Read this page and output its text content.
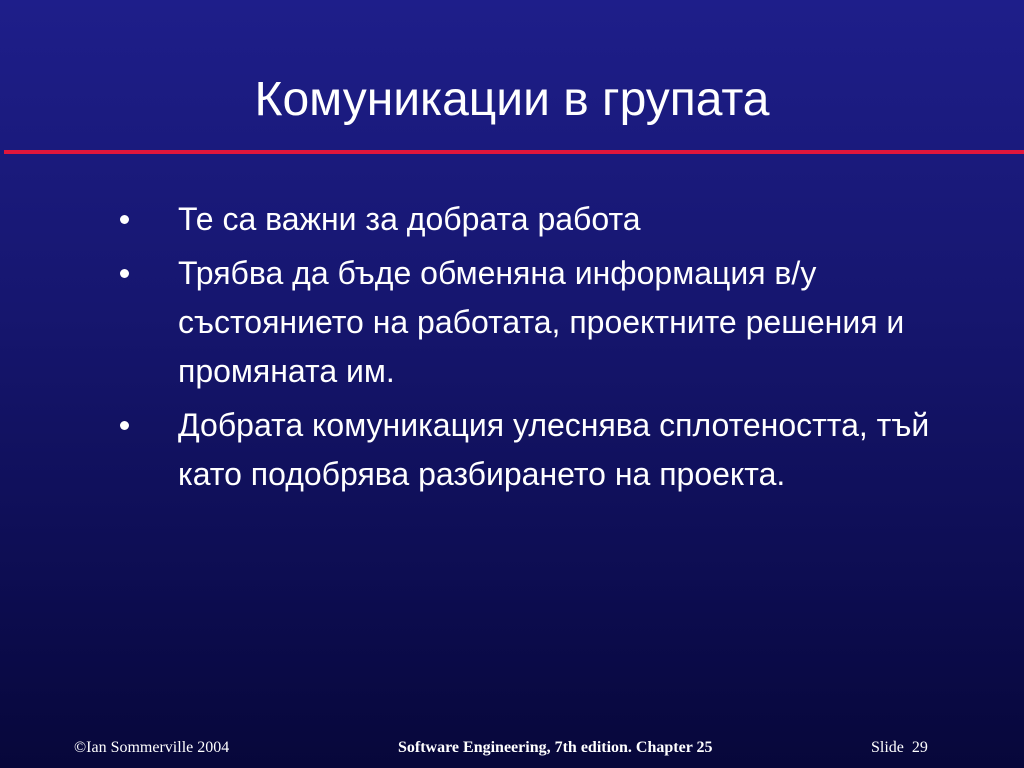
Комуникации в групата
Те са важни за добрата работа
Трябва да бъде обменяна информация в/у състоянието на работата, проектните решения и промяната им.
Добрата комуникация улеснява сплотеността, тъй като подобрява разбирането на проекта.
©Ian Sommerville 2004	Software Engineering, 7th edition. Chapter 25	Slide  29
